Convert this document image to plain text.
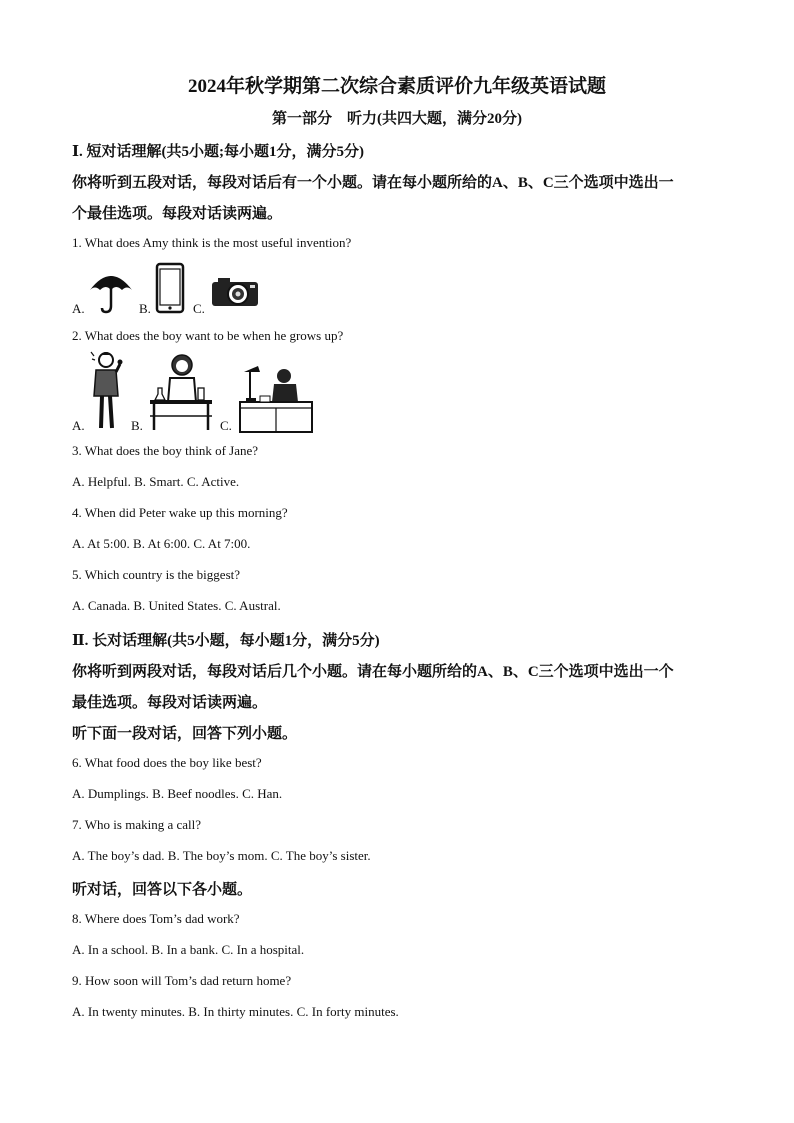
2024年秋学期第二次综合素质评价九年级英语试题
第一部分　听力(共四大题，满分20分)
Ⅰ. 短对话理解(共5小题;每小题1分，满分5分)
你将听到五段对话，每段对话后有一个小题。请在每小题所给的A、B、C三个选项中选出一
个最佳选项。每段对话读两遍。
1. What does Amy think is the most useful invention?
A.	B.	C.
2. What does the boy want to be when he grows up?
A.	B.	C.
3. What does the boy think of Jane?
A. Helpful. B. Smart. C. Active.
4. When did Peter wake up this morning?
A. At 5:00. B. At 6:00. C. At 7:00.
5. Which country is the biggest?
A. Canada. B. United States. C. Austral.
Ⅱ. 长对话理解(共5小题，每小题1分，满分5分)
你将听到两段对话，每段对话后几个小题。请在每小题所给的A、B、C三个选项中选出一个
最佳选项。每段对话读两遍。
听下面一段对话，回答下列小题。
6. What food does the boy like best?
A. Dumplings. B. Beef noodles. C. Han.
7. Who is making a call?
A. The boy’s dad. B. The boy’s mom. C. The boy’s sister.
听对话，回答以下各小题。
8. Where does Tom’s dad work?
A. In a school. B. In a bank. C. In a hospital.
9. How soon will Tom’s dad return home?
A. In twenty minutes. B. In thirty minutes. C. In forty minutes.
